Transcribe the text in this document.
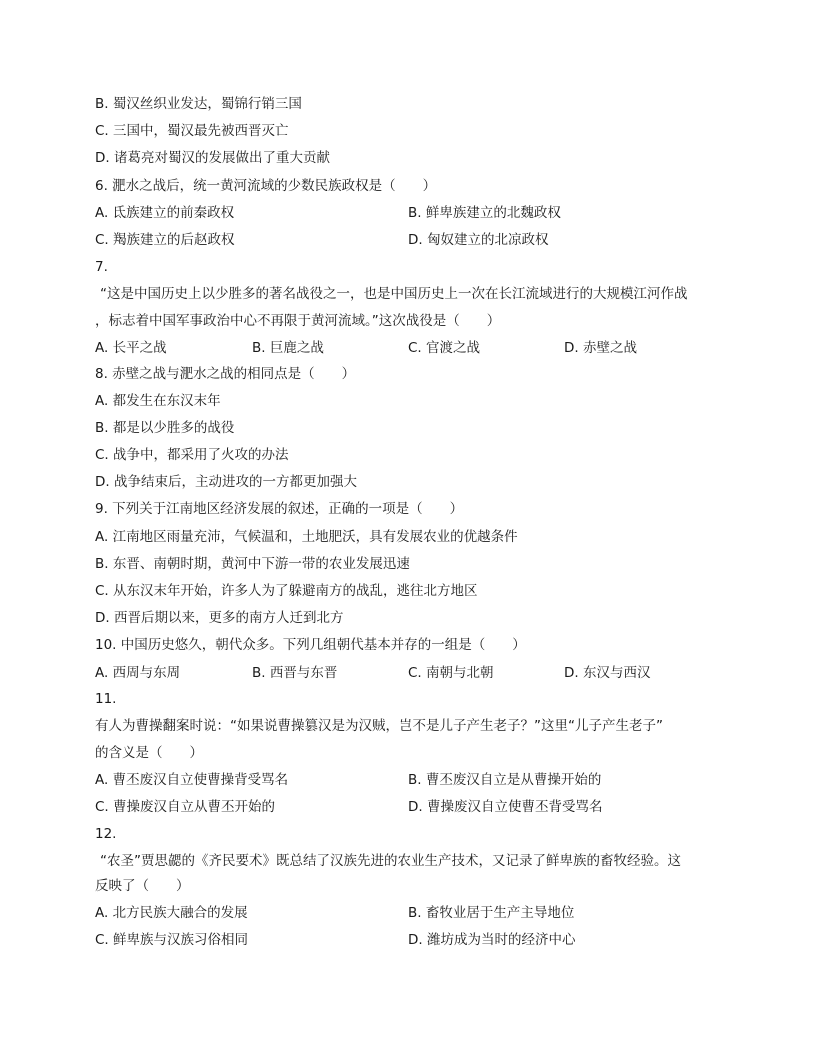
B. 蜀汉丝织业发达，蜀锦行销三国
C. 三国中，蜀汉最先被西晋灭亡
D. 诸葛亮对蜀汉的发展做出了重大贡献
6. 淝水之战后，统一黄河流域的少数民族政权是（　　）
A. 氐族建立的前秦政权	B. 鲜卑族建立的北魏政权
C. 羯族建立的后赵政权	D. 匈奴建立的北凉政权
7.
“这是中国历史上以少胜多的著名战役之一，也是中国历史上一次在长江流域进行的大规模江河作战
，标志着中国军事政治中心不再限于黄河流域。”这次战役是（　　）
A. 长平之战	B. 巨鹿之战	C. 官渡之战	D. 赤壁之战
8. 赤壁之战与淝水之战的相同点是（　　）
A. 都发生在东汉末年
B. 都是以少胜多的战役
C. 战争中，都采用了火攻的办法
D. 战争结束后，主动进攻的一方都更加强大
9. 下列关于江南地区经济发展的叙述，正确的一项是（　　）
A. 江南地区雨量充沛，气候温和，土地肥沃，具有发展农业的优越条件
B. 东晋、南朝时期，黄河中下游一带的农业发展迅速
C. 从东汉末年开始，许多人为了躲避南方的战乱，逃往北方地区
D. 西晋后期以来，更多的南方人迁到北方
10. 中国历史悠久，朝代众多。下列几组朝代基本并存的一组是（　　）
A. 西周与东周	B. 西晋与东晋	C. 南朝与北朝	D. 东汉与西汉
11.
有人为曹操翻案时说：“如果说曹操篡汉是为汉贼，岂不是儿子产生老子？”这里“儿子产生老子”
的含义是（　　）
A. 曹丕废汉自立使曹操背受骂名	B. 曹丕废汉自立是从曹操开始的
C. 曹操废汉自立从曹丕开始的	D. 曹操废汉自立使曹丕背受骂名
12.
“农圣”贾思勰的《齐民要术》既总结了汉族先进的农业生产技术，又记录了鲜卑族的畜牧经验。这
反映了（　　）
A. 北方民族大融合的发展	B. 畜牧业居于生产主导地位
C. 鲜卑族与汉族习俗相同	D. 潍坊成为当时的经济中心
